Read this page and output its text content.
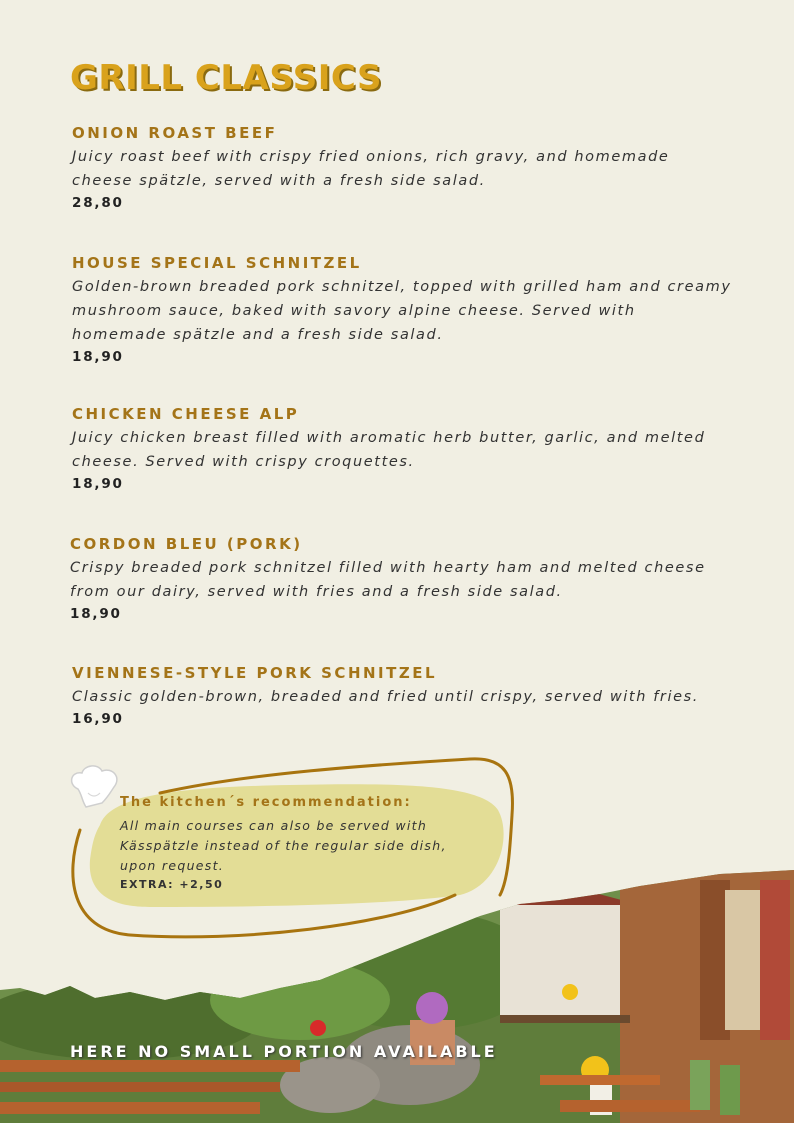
GRILL CLASSICS
ONION ROAST BEEF

Juicy roast beef with crispy fried onions, rich gravy, and homemade cheese spätzle, served with a fresh side salad.

28,80
HOUSE SPECIAL SCHNITZEL

Golden-brown breaded pork schnitzel, topped with grilled ham and creamy mushroom sauce, baked with savory alpine cheese. Served with homemade spätzle and a fresh side salad.

18,90
CHICKEN CHEESE ALP

Juicy chicken breast filled with aromatic herb butter, garlic, and melted cheese. Served with crispy croquettes.

18,90
CORDON BLEU (PORK)

Crispy breaded pork schnitzel filled with hearty ham and melted cheese from our dairy, served with fries and a fresh side salad.

18,90
VIENNESE-STYLE PORK SCHNITZEL

Classic golden-brown, breaded and fried until crispy, served with fries.

16,90
The kitchen´s recommendation:

All main courses can also be served with Kässpätzle instead of the regular side dish, upon request.

EXTRA: +2,50
HERE NO SMALL PORTION AVAILABLE
